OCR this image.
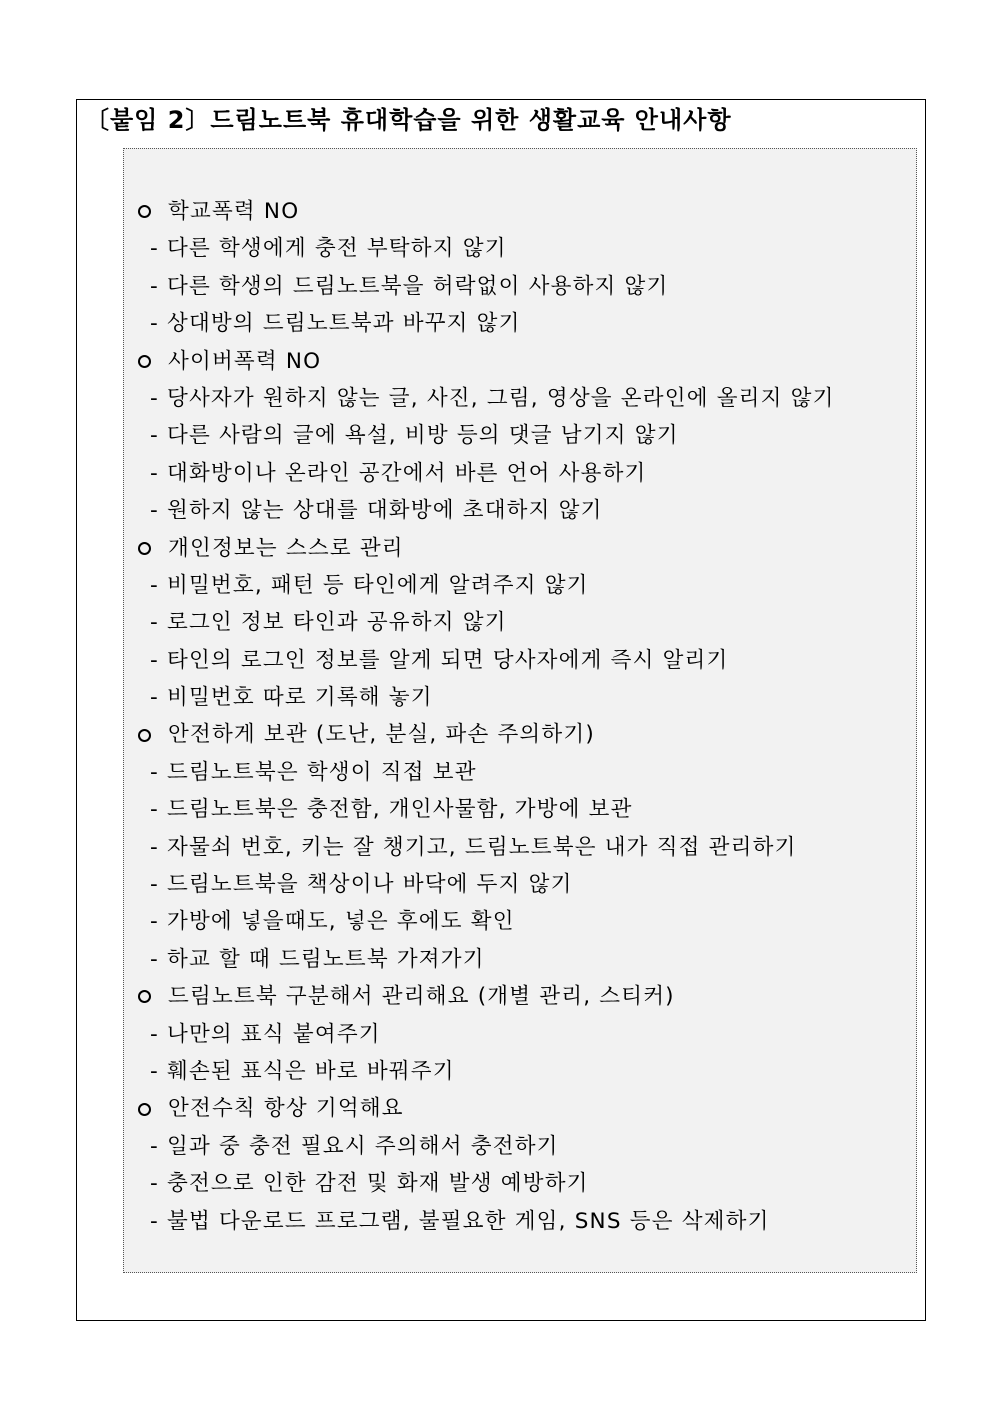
〔붙임 2〕드림노트북 휴대학습을 위한 생활교육 안내사항
학교폭력 NO
- 다른 학생에게 충전 부탁하지 않기
- 다른 학생의 드림노트북을 허락없이 사용하지 않기
- 상대방의 드림노트북과 바꾸지 않기
사이버폭력 NO
- 당사자가 원하지 않는 글, 사진, 그림, 영상을 온라인에 올리지 않기
- 다른 사람의 글에 욕설, 비방 등의 댓글 남기지 않기
- 대화방이나 온라인 공간에서 바른 언어 사용하기
- 원하지 않는 상대를 대화방에 초대하지 않기
개인정보는 스스로 관리
- 비밀번호, 패턴 등 타인에게 알려주지 않기
- 로그인 정보 타인과 공유하지 않기
- 타인의 로그인 정보를 알게 되면 당사자에게 즉시 알리기
- 비밀번호 따로 기록해 놓기
안전하게 보관 (도난, 분실, 파손 주의하기)
- 드림노트북은 학생이 직접 보관
- 드림노트북은 충전함, 개인사물함, 가방에 보관
- 자물쇠 번호, 키는 잘 챙기고, 드림노트북은 내가 직접 관리하기
- 드림노트북을 책상이나 바닥에 두지 않기
- 가방에 넣을때도, 넣은 후에도 확인
- 하교 할 때 드림노트북 가져가기
드림노트북 구분해서 관리해요 (개별 관리, 스티커)
- 나만의 표식 붙여주기
- 훼손된 표식은 바로 바꿔주기
안전수칙 항상 기억해요
- 일과 중 충전 필요시 주의해서 충전하기
- 충전으로 인한 감전 및 화재 발생 예방하기
- 불법 다운로드 프로그램, 불필요한 게임, SNS 등은 삭제하기
